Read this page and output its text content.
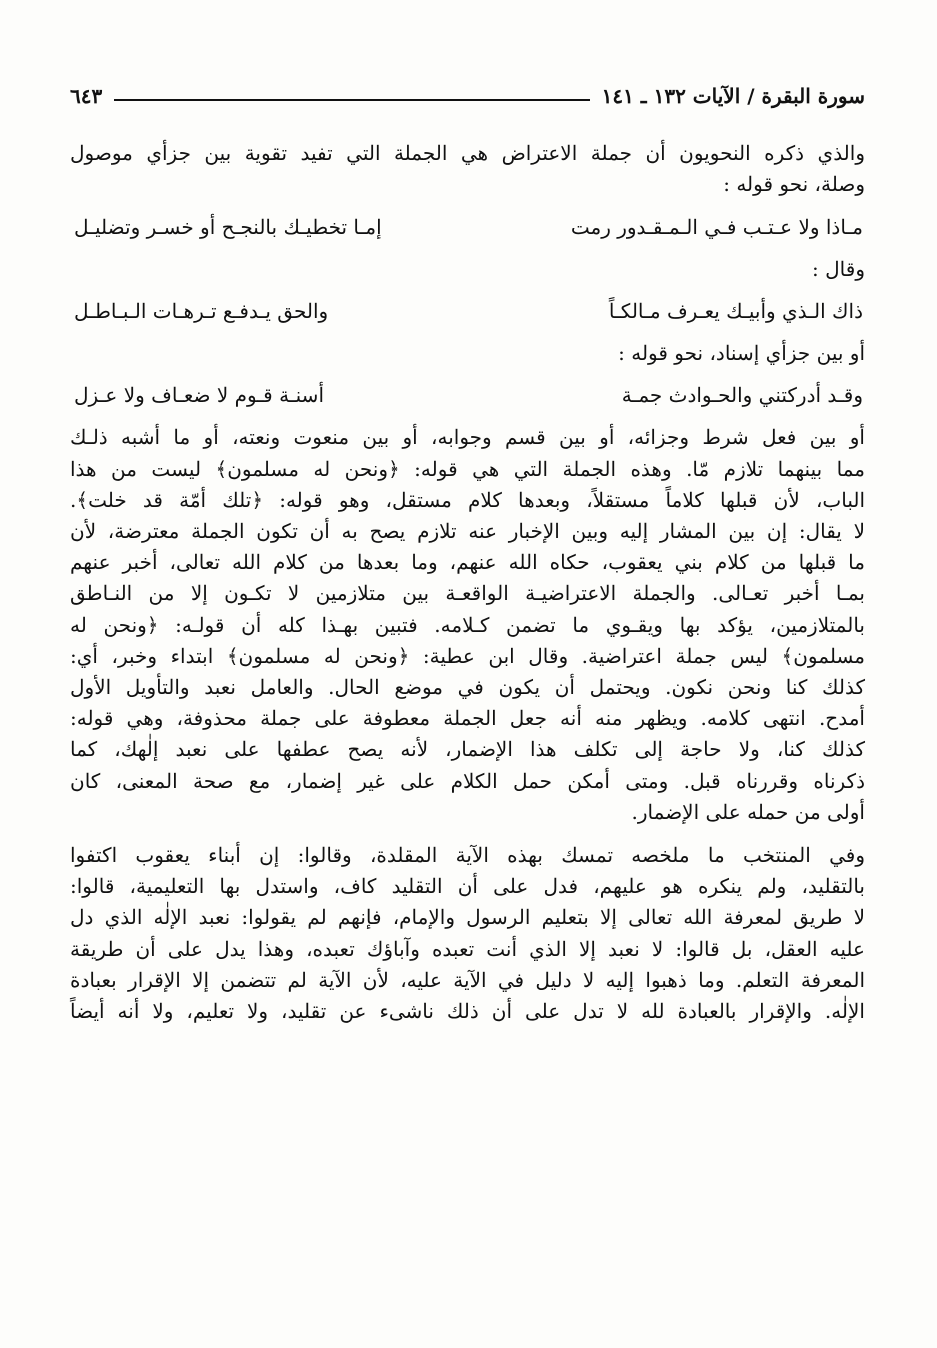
سورة البقرة / الآيات ١٣٢ ـ ١٤١
٦٤٣

والذي ذكره النحويون أن جملة الاعتراض هي الجملة التي تفيد تقوية بين جزأي موصول
وصلة، نحو قوله :

مـاذا ولا عـتـب فـي الـمـقـدور رمت
إمـا تخطيـك بالنجـح أو خسـر وتضليـل

وقال :

ذاك الـذي وأبيـك يعـرف مـالكـاً
والحق يـدفـع تـرهـات الـبـاطـل

أو بين جزأي إسناد، نحو قوله :

وقـد أدركتني والحـوادث جمـة
أسنـة قـوم لا ضعـاف ولا عـزل

أو بين فعل شرط وجزائه، أو بين قسم وجوابه، أو بين منعوت ونعته، أو ما أشبه ذلـك
مما بينهما تلازم مّا. وهذه الجملة التي هي قوله: ﴿ونحن له مسلمون﴾ ليست من هذا
الباب، لأن قبلها كلاماً مستقلاً، وبعدها كلام مستقل، وهو قوله: ﴿تلك أمّة قد خلت﴾.
لا يقال: إن بين المشار إليه وبين الإخبار عنه تلازم يصح به أن تكون الجملة معترضة، لأن
ما قبلها من كلام بني يعقوب، حكاه الله عنهم، وما بعدها من كلام الله تعالى، أخبر عنهم
بمـا أخبر تعـالى. والجملة الاعتراضيـة الواقعـة بين متلازمين لا تكـون إلا من النـاطق
بالمتلازمين، يؤكد بها ويقـوي ما تضمن كـلامه. فتبين بهـذا كله أن قولـه: ﴿ونحن له
مسلمون﴾ ليس جملة اعتراضية. وقال ابن عطية: ﴿ونحن له مسلمون﴾ ابتداء وخبر، أي:
كذلك كنا ونحن نكون. ويحتمل أن يكون في موضع الحال. والعامل نعبد والتأويل الأول
أمدح. انتهى كلامه. ويظهر منه أنه جعل الجملة معطوفة على جملة محذوفة، وهي قوله:
كذلك كنا، ولا حاجة إلى تكلف هذا الإضمار، لأنه يصح عطفها على نعبد إلٰهك، كما
ذكرناه وقررناه قبل. ومتى أمكن حمل الكلام على غير إضمار، مع صحة المعنى، كان
أولى من حمله على الإضمار.

وفي المنتخب ما ملخصه تمسك بهذه الآية المقلدة، وقالوا: إن أبناء يعقوب اكتفوا
بالتقليد، ولم ينكره هو عليهم، فدل على أن التقليد كاف، واستدل بها التعليمية، قالوا:
لا طريق لمعرفة الله تعالى إلا بتعليم الرسول والإمام، فإنهم لم يقولوا: نعبد الإلٰه الذي دل
عليه العقل، بل قالوا: لا نعبد إلا الذي أنت تعبده وآباؤك تعبده، وهذا يدل على أن طريقة
المعرفة التعلم. وما ذهبوا إليه لا دليل في الآية عليه، لأن الآية لم تتضمن إلا الإقرار بعبادة
الإلٰه. والإقرار بالعبادة لله لا تدل على أن ذلك ناشىء عن تقليد، ولا تعليم، ولا أنه أيضاً
